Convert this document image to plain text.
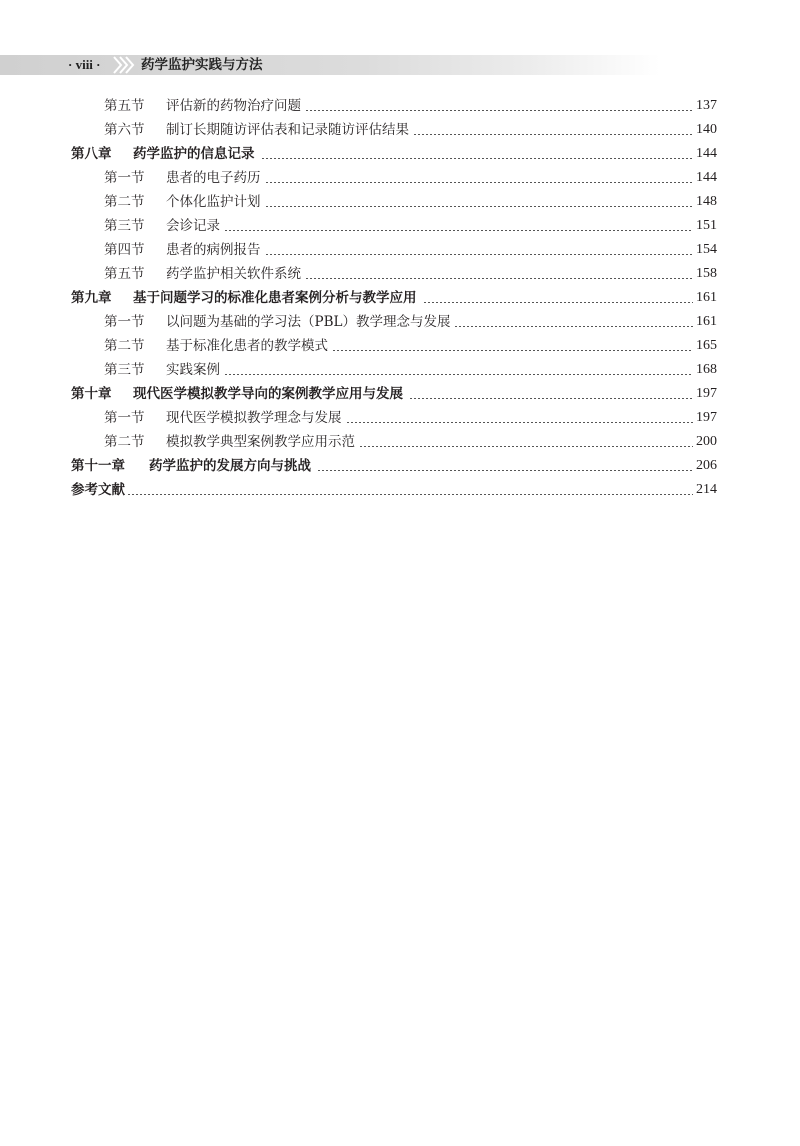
· viii ·	药学监护实践与方法
第五节	评估新的药物治疗问题	137
第六节	制订长期随访评估表和记录随访评估结果	140
第八章	药学监护的信息记录	144
第一节	患者的电子药历	144
第二节	个体化监护计划	148
第三节	会诊记录	151
第四节	患者的病例报告	154
第五节	药学监护相关软件系统	158
第九章	基于问题学习的标准化患者案例分析与教学应用	161
第一节	以问题为基础的学习法（PBL）教学理念与发展	161
第二节	基于标准化患者的教学模式	165
第三节	实践案例	168
第十章	现代医学模拟教学导向的案例教学应用与发展	197
第一节	现代医学模拟教学理念与发展	197
第二节	模拟教学典型案例教学应用示范	200
第十一章	药学监护的发展方向与挑战	206
参考文献	214
